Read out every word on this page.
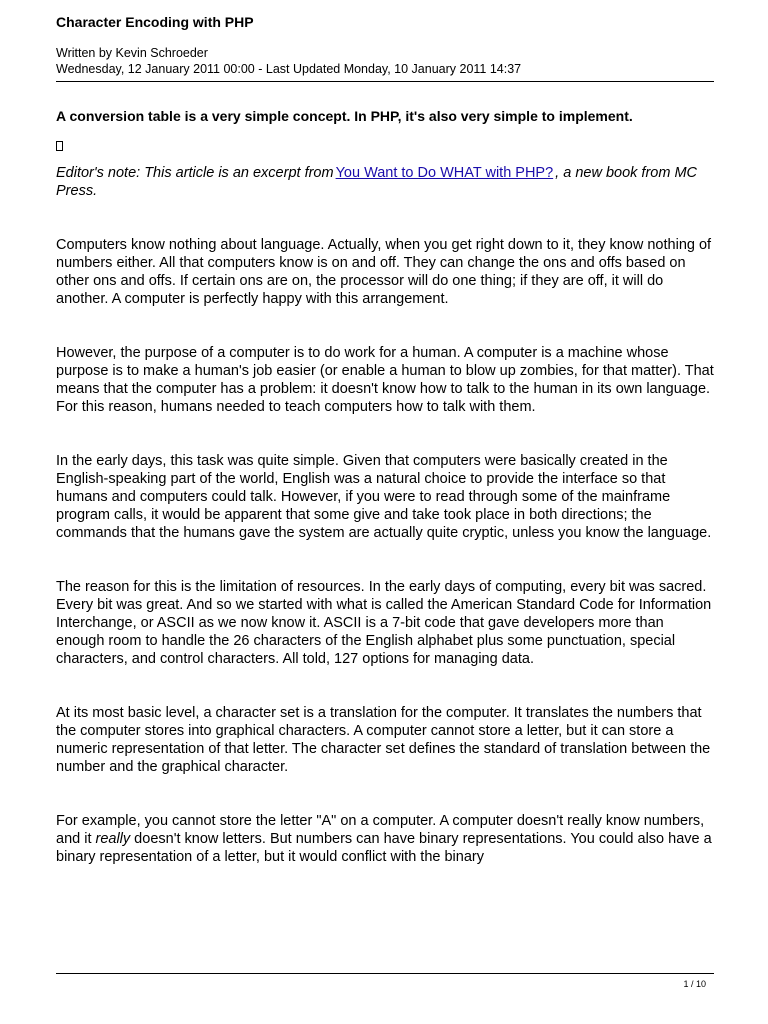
Character Encoding with PHP
Written by Kevin Schroeder
Wednesday, 12 January 2011 00:00 - Last Updated Monday, 10 January 2011 14:37
A conversion table is a very simple concept. In PHP, it's also very simple to implement.

Editor's note: This article is an excerpt from You Want to Do WHAT with PHP? , a new book from MC Press.

Computers know nothing about language. Actually, when you get right down to it, they know nothing of numbers either. All that computers know is on and off. They can change the ons and offs based on other ons and offs. If certain ons are on, the processor will do one thing; if they are off, it will do another. A computer is perfectly happy with this arrangement.

However, the purpose of a computer is to do work for a human. A computer is a machine whose purpose is to make a human's job easier (or enable a human to blow up zombies, for that matter). That means that the computer has a problem: it doesn't know how to talk to the human in its own language. For this reason, humans needed to teach computers how to talk with them.

In the early days, this task was quite simple. Given that computers were basically created in the English-speaking part of the world, English was a natural choice to provide the interface so that humans and computers could talk. However, if you were to read through some of the mainframe program calls, it would be apparent that some give and take took place in both directions; the commands that the humans gave the system are actually quite cryptic, unless you know the language.

The reason for this is the limitation of resources. In the early days of computing, every bit was sacred. Every bit was great. And so we started with what is called the American Standard Code for Information Interchange, or ASCII as we now know it. ASCII is a 7-bit code that gave developers more than enough room to handle the 26 characters of the English alphabet plus some punctuation, special characters, and control characters. All told, 127 options for managing data.

At its most basic level, a character set is a translation for the computer. It translates the numbers that the computer stores into graphical characters. A computer cannot store a letter, but it can store a numeric representation of that letter. The character set defines the standard of translation between the number and the graphical character.

For example, you cannot store the letter "A" on a computer. A computer doesn't really know numbers, and it really doesn't know letters. But numbers can have binary representations. You could also have a binary representation of a letter, but it would conflict with the binary

1 / 10
